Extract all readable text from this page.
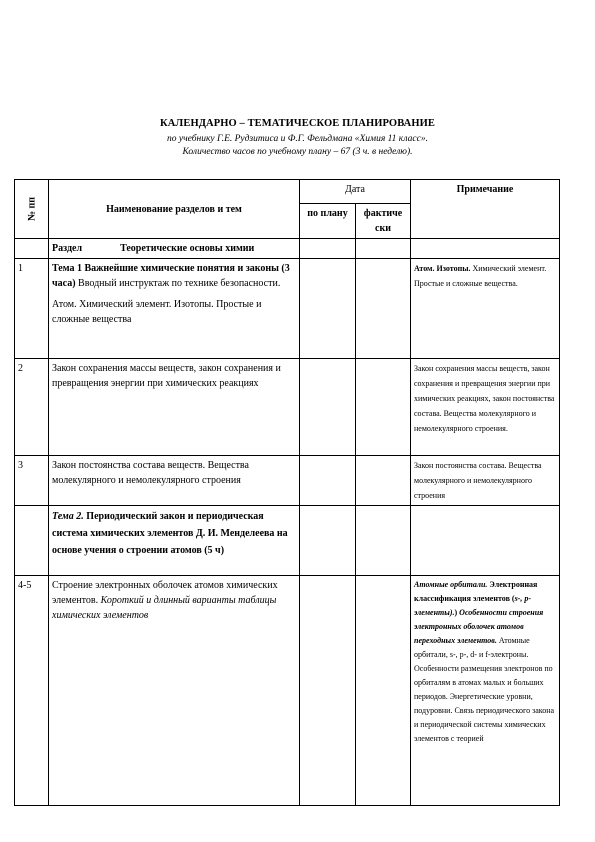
КАЛЕНДАРНО – ТЕМАТИЧЕСКОЕ ПЛАНИРОВАНИЕ
по учебнику Г.Е. Рудзитиса и Ф.Г. Фельдмана «Химия 11 класс».
Количество часов по учебному плану – 67 (3 ч. в неделю).
№ пп	Наименование разделов и тем	Дата		Примечание
		по плану	фактиче ски	
	Раздел Теоретические основы химии			
1	Тема 1 Важнейшие химические понятия и законы (3 часа) Вводный инструктаж по технике безопасности.

Атом. Химический элемент. Изотопы. Простые и сложные вещества			Атом. Изотопы. Химический элемент. Простые и сложные вещества.
2	Закон сохранения массы веществ, закон сохранения и превращения энергии при химических реакциях			Закон сохранения массы веществ, закон сохранения и превращения энергии при химических реакциях, закон постоянства состава. Вещества молекулярного и немолекулярного строения.
3	Закон постоянства состава веществ. Вещества молекулярного и немолекулярного строения			Закон постоянства состава. Вещества молекулярного и немолекулярного строения
	Тема 2. Периодический закон и периодическая система химических элементов Д. И. Менделеева на основе учения о строении атомов (5 ч)			
4-5	Строение электронных оболочек атомов химических элементов. Короткий и длинный варианты таблицы химических элементов			Атомные орбитали. Электронная классификация элементов (s-, p-элементы).) Особенности строения электронных оболочек атомов переходных элементов. Атомные орбитали, s-, p-, d- и f-электроны. Особенности размещения электронов по орбиталям в атомах малых и больших периодов. Энергетические уровни, подуровни. Связь периодического закона и периодической системы химических элементов с теорией
